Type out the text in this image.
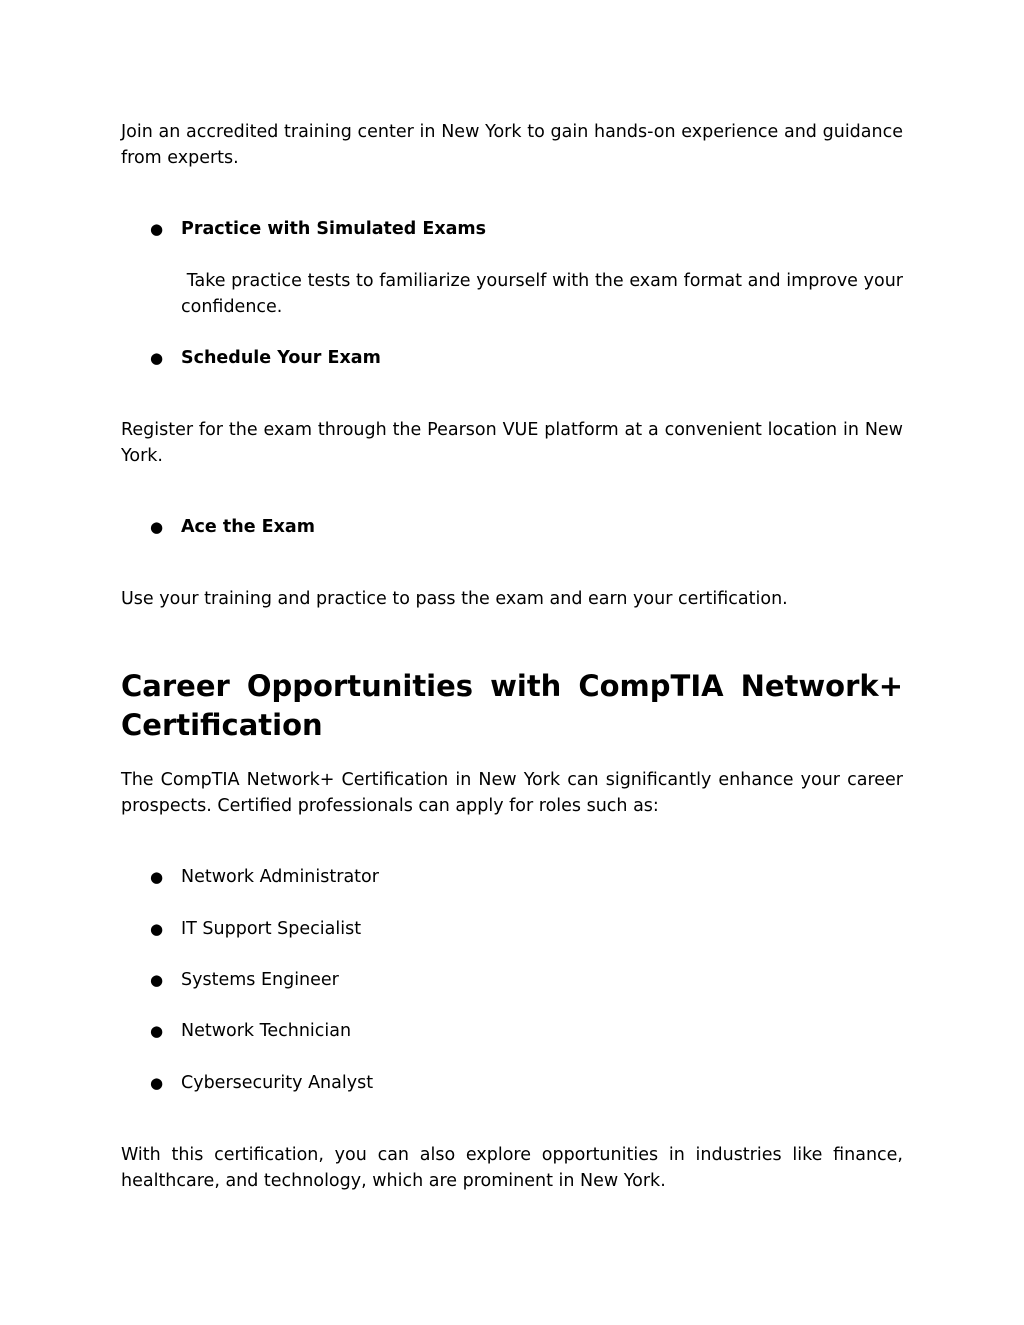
Join an accredited training center in New York to gain hands-on experience and guidance from experts.

● Practice with Simulated Exams

Take practice tests to familiarize yourself with the exam format and improve your confidence.

● Schedule Your Exam

Register for the exam through the Pearson VUE platform at a convenient location in New York.

● Ace the Exam

Use your training and practice to pass the exam and earn your certification.

Career Opportunities with CompTIA Network+ Certification

The CompTIA Network+ Certification in New York can significantly enhance your career prospects. Certified professionals can apply for roles such as:

● Network Administrator
● IT Support Specialist
● Systems Engineer
● Network Technician
● Cybersecurity Analyst

With this certification, you can also explore opportunities in industries like finance, healthcare, and technology, which are prominent in New York.
